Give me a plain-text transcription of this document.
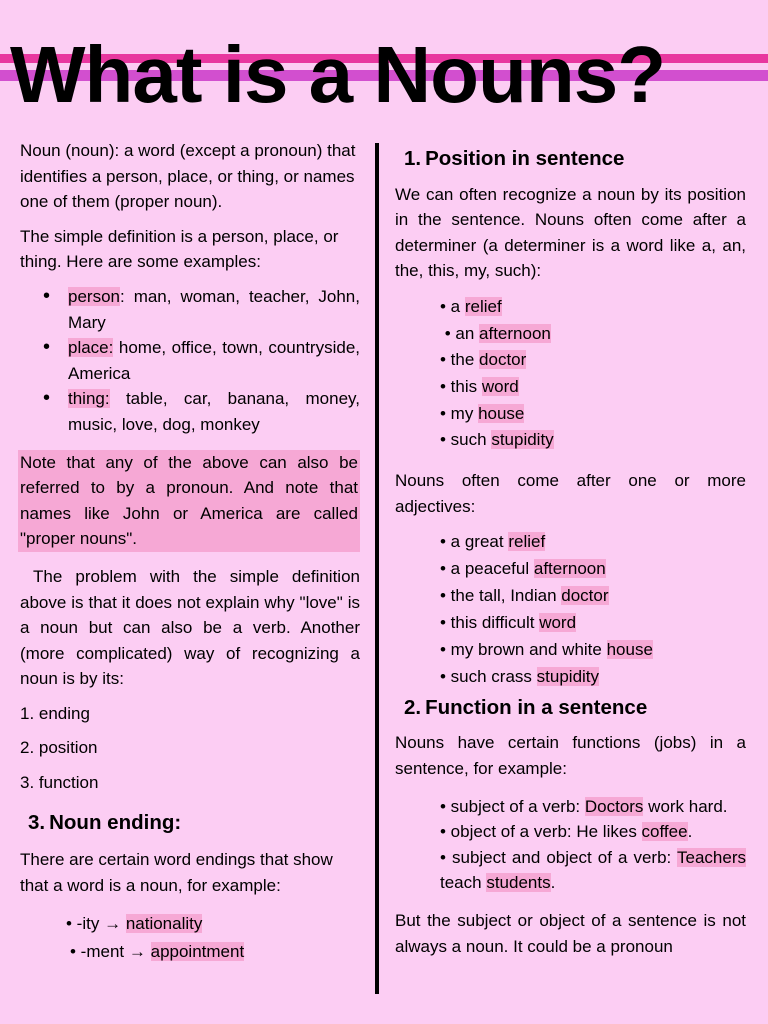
What is a Nouns?

Noun (noun): a word (except a pronoun) that identifies a person, place, or thing, or names one of them (proper noun).

The simple definition is a person, place, or thing. Here are some examples:

• person: man, woman, teacher, John, Mary
• place: home, office, town, countryside, America
• thing: table, car, banana, money, music, love, dog, monkey

Note that any of the above can also be referred to by a pronoun. And note that names like John or America are called "proper nouns".

The problem with the simple definition above is that it does not explain why "love" is a noun but can also be a verb. Another (more complicated) way of recognizing a noun is by its:

1. ending

2. position

3. function

3. Noun ending:

There are certain word endings that show that a word is a noun, for example:

• -ity → nationality
• -ment → appointment
1. Position in sentence

We can often recognize a noun by its position in the sentence. Nouns often come after a determiner (a determiner is a word like a, an, the, this, my, such):

• a relief
• an afternoon
• the doctor
• this word
• my house
• such stupidity

Nouns often come after one or more adjectives:

• a great relief
• a peaceful afternoon
• the tall, Indian doctor
• this difficult word
• my brown and white house
• such crass stupidity
2. Function in a sentence

Nouns have certain functions (jobs) in a sentence, for example:

• subject of a verb: Doctors work hard.
• object of a verb: He likes coffee.
• subject and object of a verb: Teachers teach students.

But the subject or object of a sentence is not always a noun. It could be a pronoun
